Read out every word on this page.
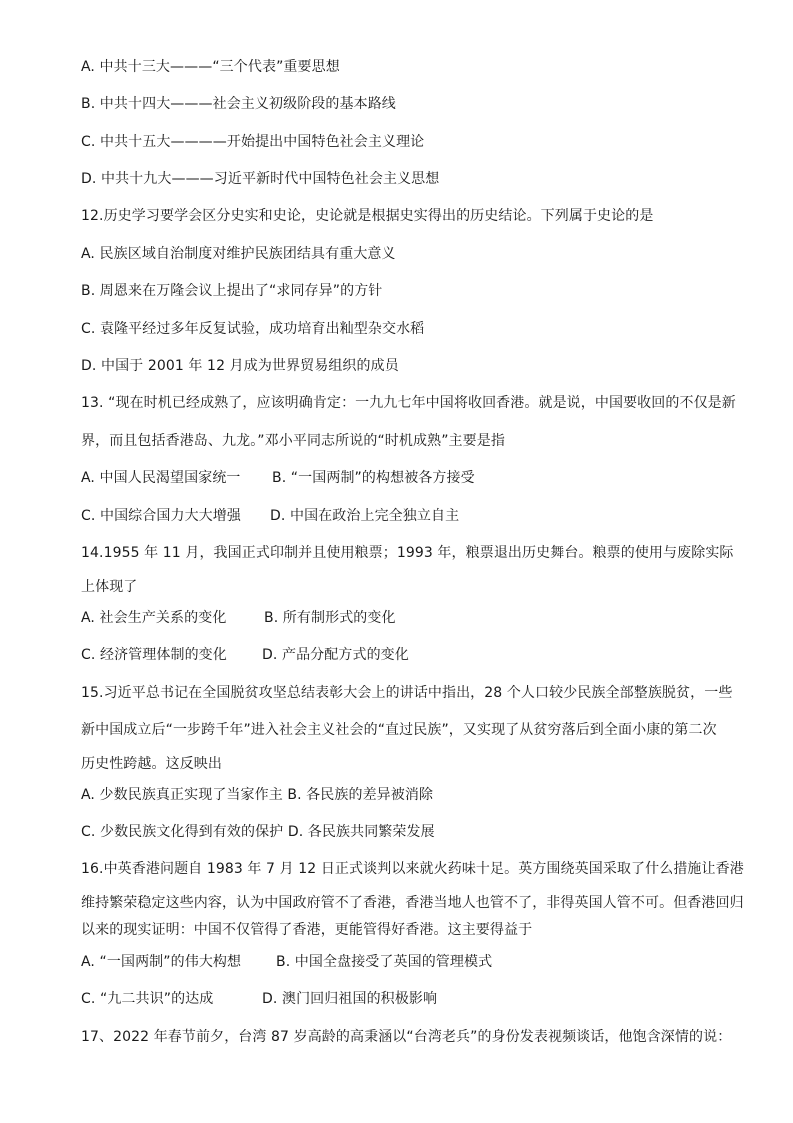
A. 中共十三大———“三个代表”重要思想
B. 中共十四大———社会主义初级阶段的基本路线
C. 中共十五大————开始提出中国特色社会主义理论
D. 中共十九大———习近平新时代中国特色社会主义思想
12.历史学习要学会区分史实和史论，史论就是根据史实得出的历史结论。下列属于史论的是
A. 民族区域自治制度对维护民族团结具有重大意义
B. 周恩来在万隆会议上提出了“求同存异”的方针
C. 袁隆平经过多年反复试验，成功培育出籼型杂交水稻
D. 中国于 2001 年 12 月成为世界贸易组织的成员
13. “现在时机已经成熟了，应该明确肯定：一九九七年中国将收回香港。就是说，中国要收回的不仅是新
界，而且包括香港岛、九龙。”邓小平同志所说的“时机成熟”主要是指
A. 中国人民渴望国家统一 B. “一国两制”的构想被各方接受
C. 中国综合国力大大增强 D. 中国在政治上完全独立自主
14.1955 年 11 月，我国正式印制并且使用粮票；1993 年，粮票退出历史舞台。粮票的使用与废除实际
上体现了
A. 社会生产关系的变化	B. 所有制形式的变化
C. 经济管理体制的变化	D. 产品分配方式的变化
15.习近平总书记在全国脱贫攻坚总结表彰大会上的讲话中指出，28 个人口较少民族全部整族脱贫，一些
新中国成立后“一步跨千年”进入社会主义社会的“直过民族”，又实现了从贫穷落后到全面小康的第二次
历史性跨越。这反映出
A. 少数民族真正实现了当家作主 B. 各民族的差异被消除
C. 少数民族文化得到有效的保护 D. 各民族共同繁荣发展
16.中英香港问题自 1983 年 7 月 12 日正式谈判以来就火药味十足。英方围绕英国采取了什么措施让香港
维持繁荣稳定这些内容，认为中国政府管不了香港，香港当地人也管不了，非得英国人管不可。但香港回归
以来的现实证明：中国不仅管得了香港，更能管得好香港。这主要得益于
A. “一国两制”的伟大构想 B. 中国全盘接受了英国的管理模式
C. “九二共识”的达成	D. 澳门回归祖国的积极影响
17、2022 年春节前夕，台湾 87 岁高龄的高秉涵以“台湾老兵”的身份发表视频谈话，他饱含深情的说：
